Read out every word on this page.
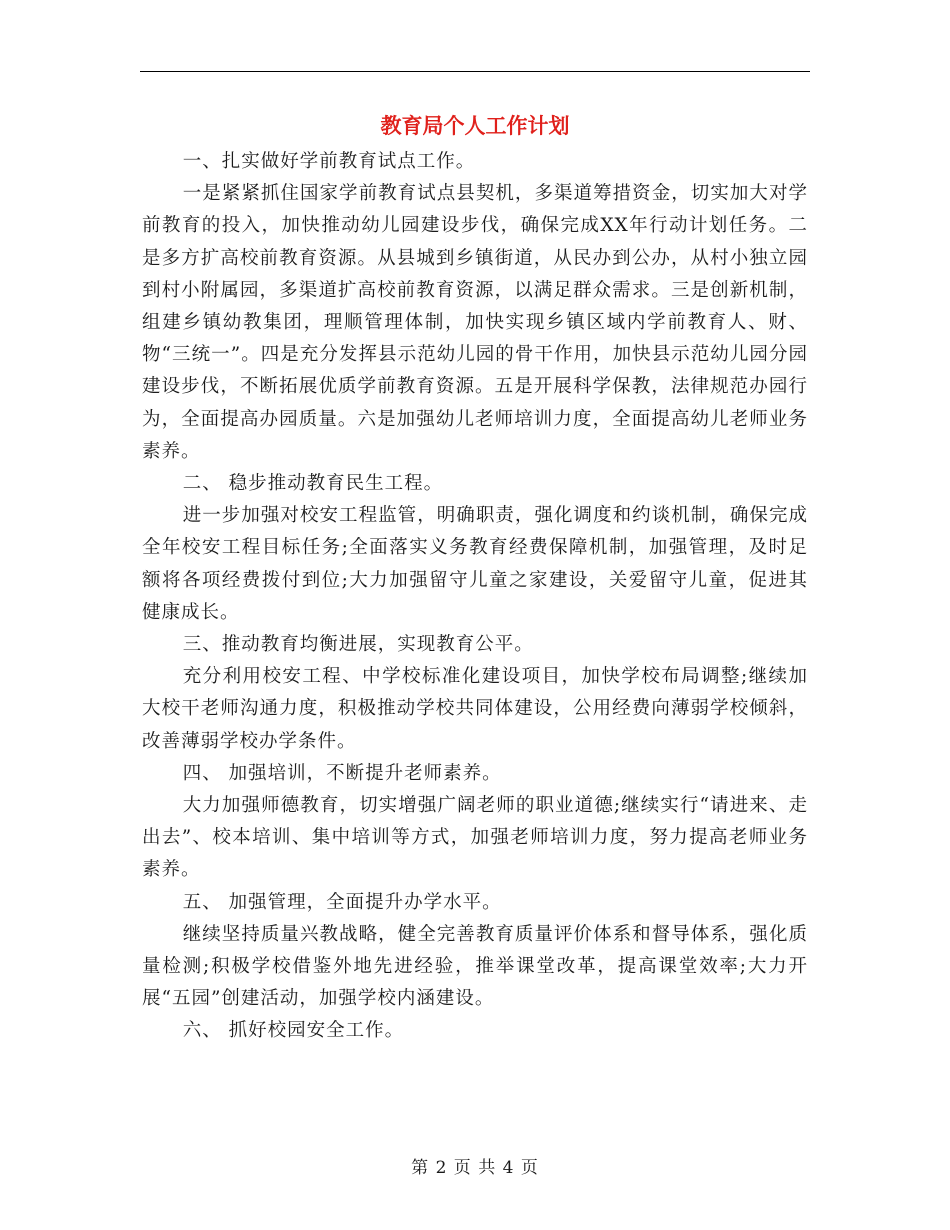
教育局个人工作计划

一、扎实做好学前教育试点工作。

一是紧紧抓住国家学前教育试点县契机，多渠道筹措资金，切实加大对学前教育的投入，加快推动幼儿园建设步伐，确保完成XX年行动计划任务。二是多方扩高校前教育资源。从县城到乡镇街道，从民办到公办，从村小独立园到村小附属园，多渠道扩高校前教育资源，以满足群众需求。三是创新机制，组建乡镇幼教集团，理顺管理体制，加快实现乡镇区域内学前教育人、财、物“三统一”。四是充分发挥县示范幼儿园的骨干作用，加快县示范幼儿园分园建设步伐，不断拓展优质学前教育资源。五是开展科学保教，法律规范办园行为，全面提高办园质量。六是加强幼儿老师培训力度，全面提高幼儿老师业务素养。

二、 稳步推动教育民生工程。

进一步加强对校安工程监管，明确职责，强化调度和约谈机制，确保完成全年校安工程目标任务;全面落实义务教育经费保障机制，加强管理，及时足额将各项经费拨付到位;大力加强留守儿童之家建设，关爱留守儿童，促进其健康成长。

三、推动教育均衡进展，实现教育公平。

充分利用校安工程、中学校标准化建设项目，加快学校布局调整;继续加大校干老师沟通力度，积极推动学校共同体建设，公用经费向薄弱学校倾斜，改善薄弱学校办学条件。

四、 加强培训，不断提升老师素养。

大力加强师德教育，切实增强广阔老师的职业道德;继续实行“请进来、走出去”、校本培训、集中培训等方式，加强老师培训力度，努力提高老师业务素养。

五、 加强管理，全面提升办学水平。

继续坚持质量兴教战略，健全完善教育质量评价体系和督导体系，强化质量检测;积极学校借鉴外地先进经验，推举课堂改革，提高课堂效率;大力开展“五园”创建活动，加强学校内涵建设。

六、 抓好校园安全工作。

第 2 页 共 4 页
